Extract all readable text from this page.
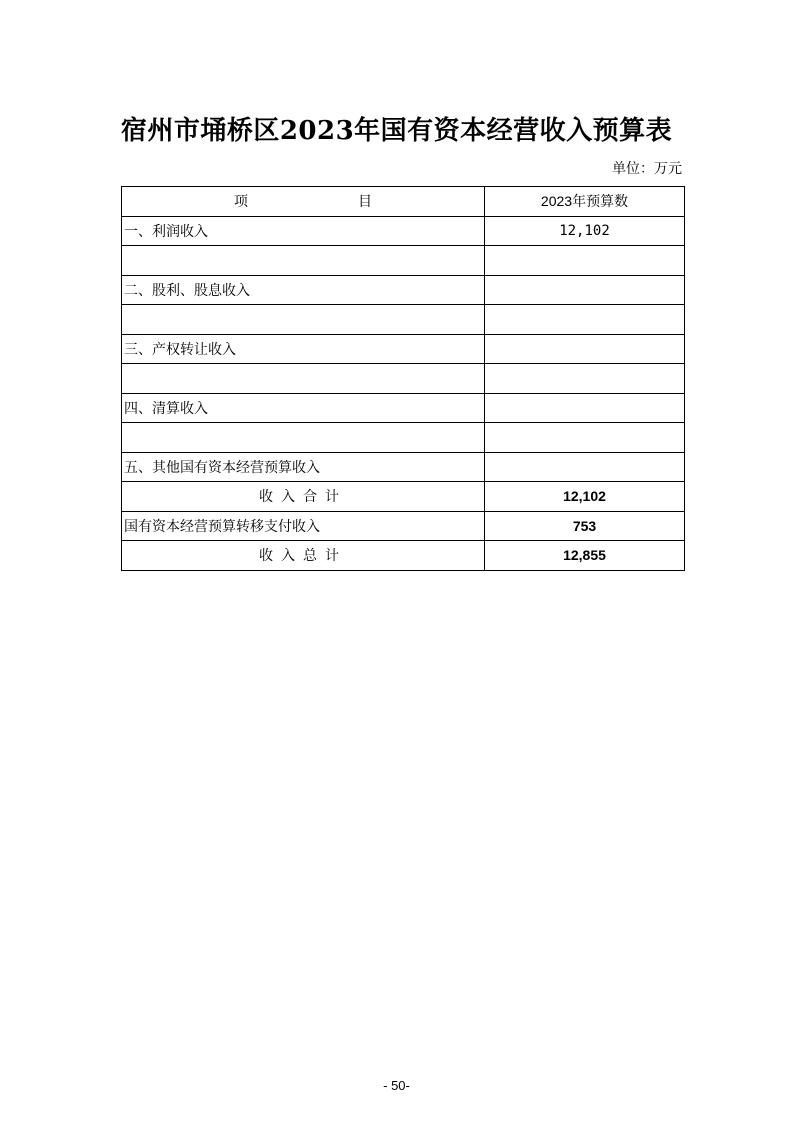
宿州市埇桥区2023年国有资本经营收入预算表
单位：万元
项 目	2023年预算数
一、利润收入	12,102

二、股利、股息收入	

三、产权转让收入	

四、清算收入	

五、其他国有资本经营预算收入	
收入合计	12,102
国有资本经营预算转移支付收入	753
收入总计	12,855
- 50-
